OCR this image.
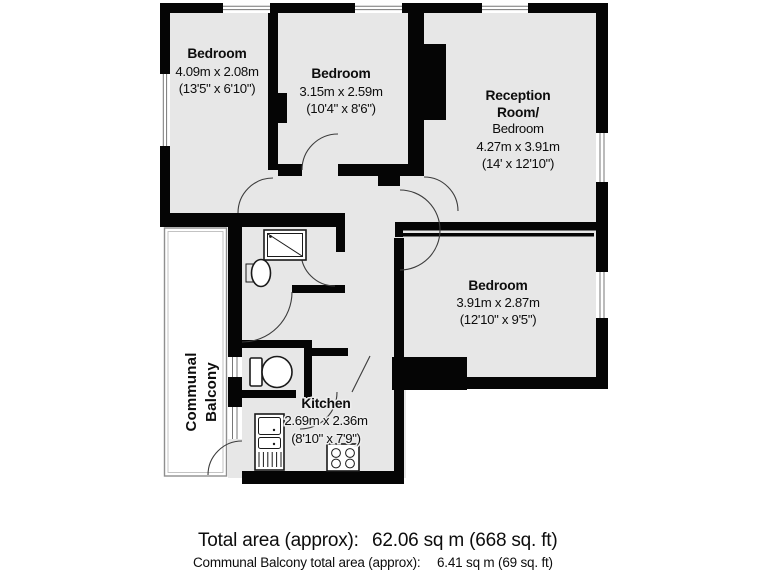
Bedroom
4.09m x 2.08m
(13'5" x 6'10")
Bedroom
3.15m x 2.59m
(10'4" x 8'6")
Reception
Room/
Bedroom
4.27m x 3.91m
(14' x 12'10")
Bedroom
3.91m x 2.87m
(12'10" x 9'5")
Kitchen
2.69m x 2.36m
(8'10" x 7'9")
Communal Balcony
Total area (approx): 62.06 sq m (668 sq. ft)
Communal Balcony total area (approx): 6.41 sq m (69 sq. ft)
